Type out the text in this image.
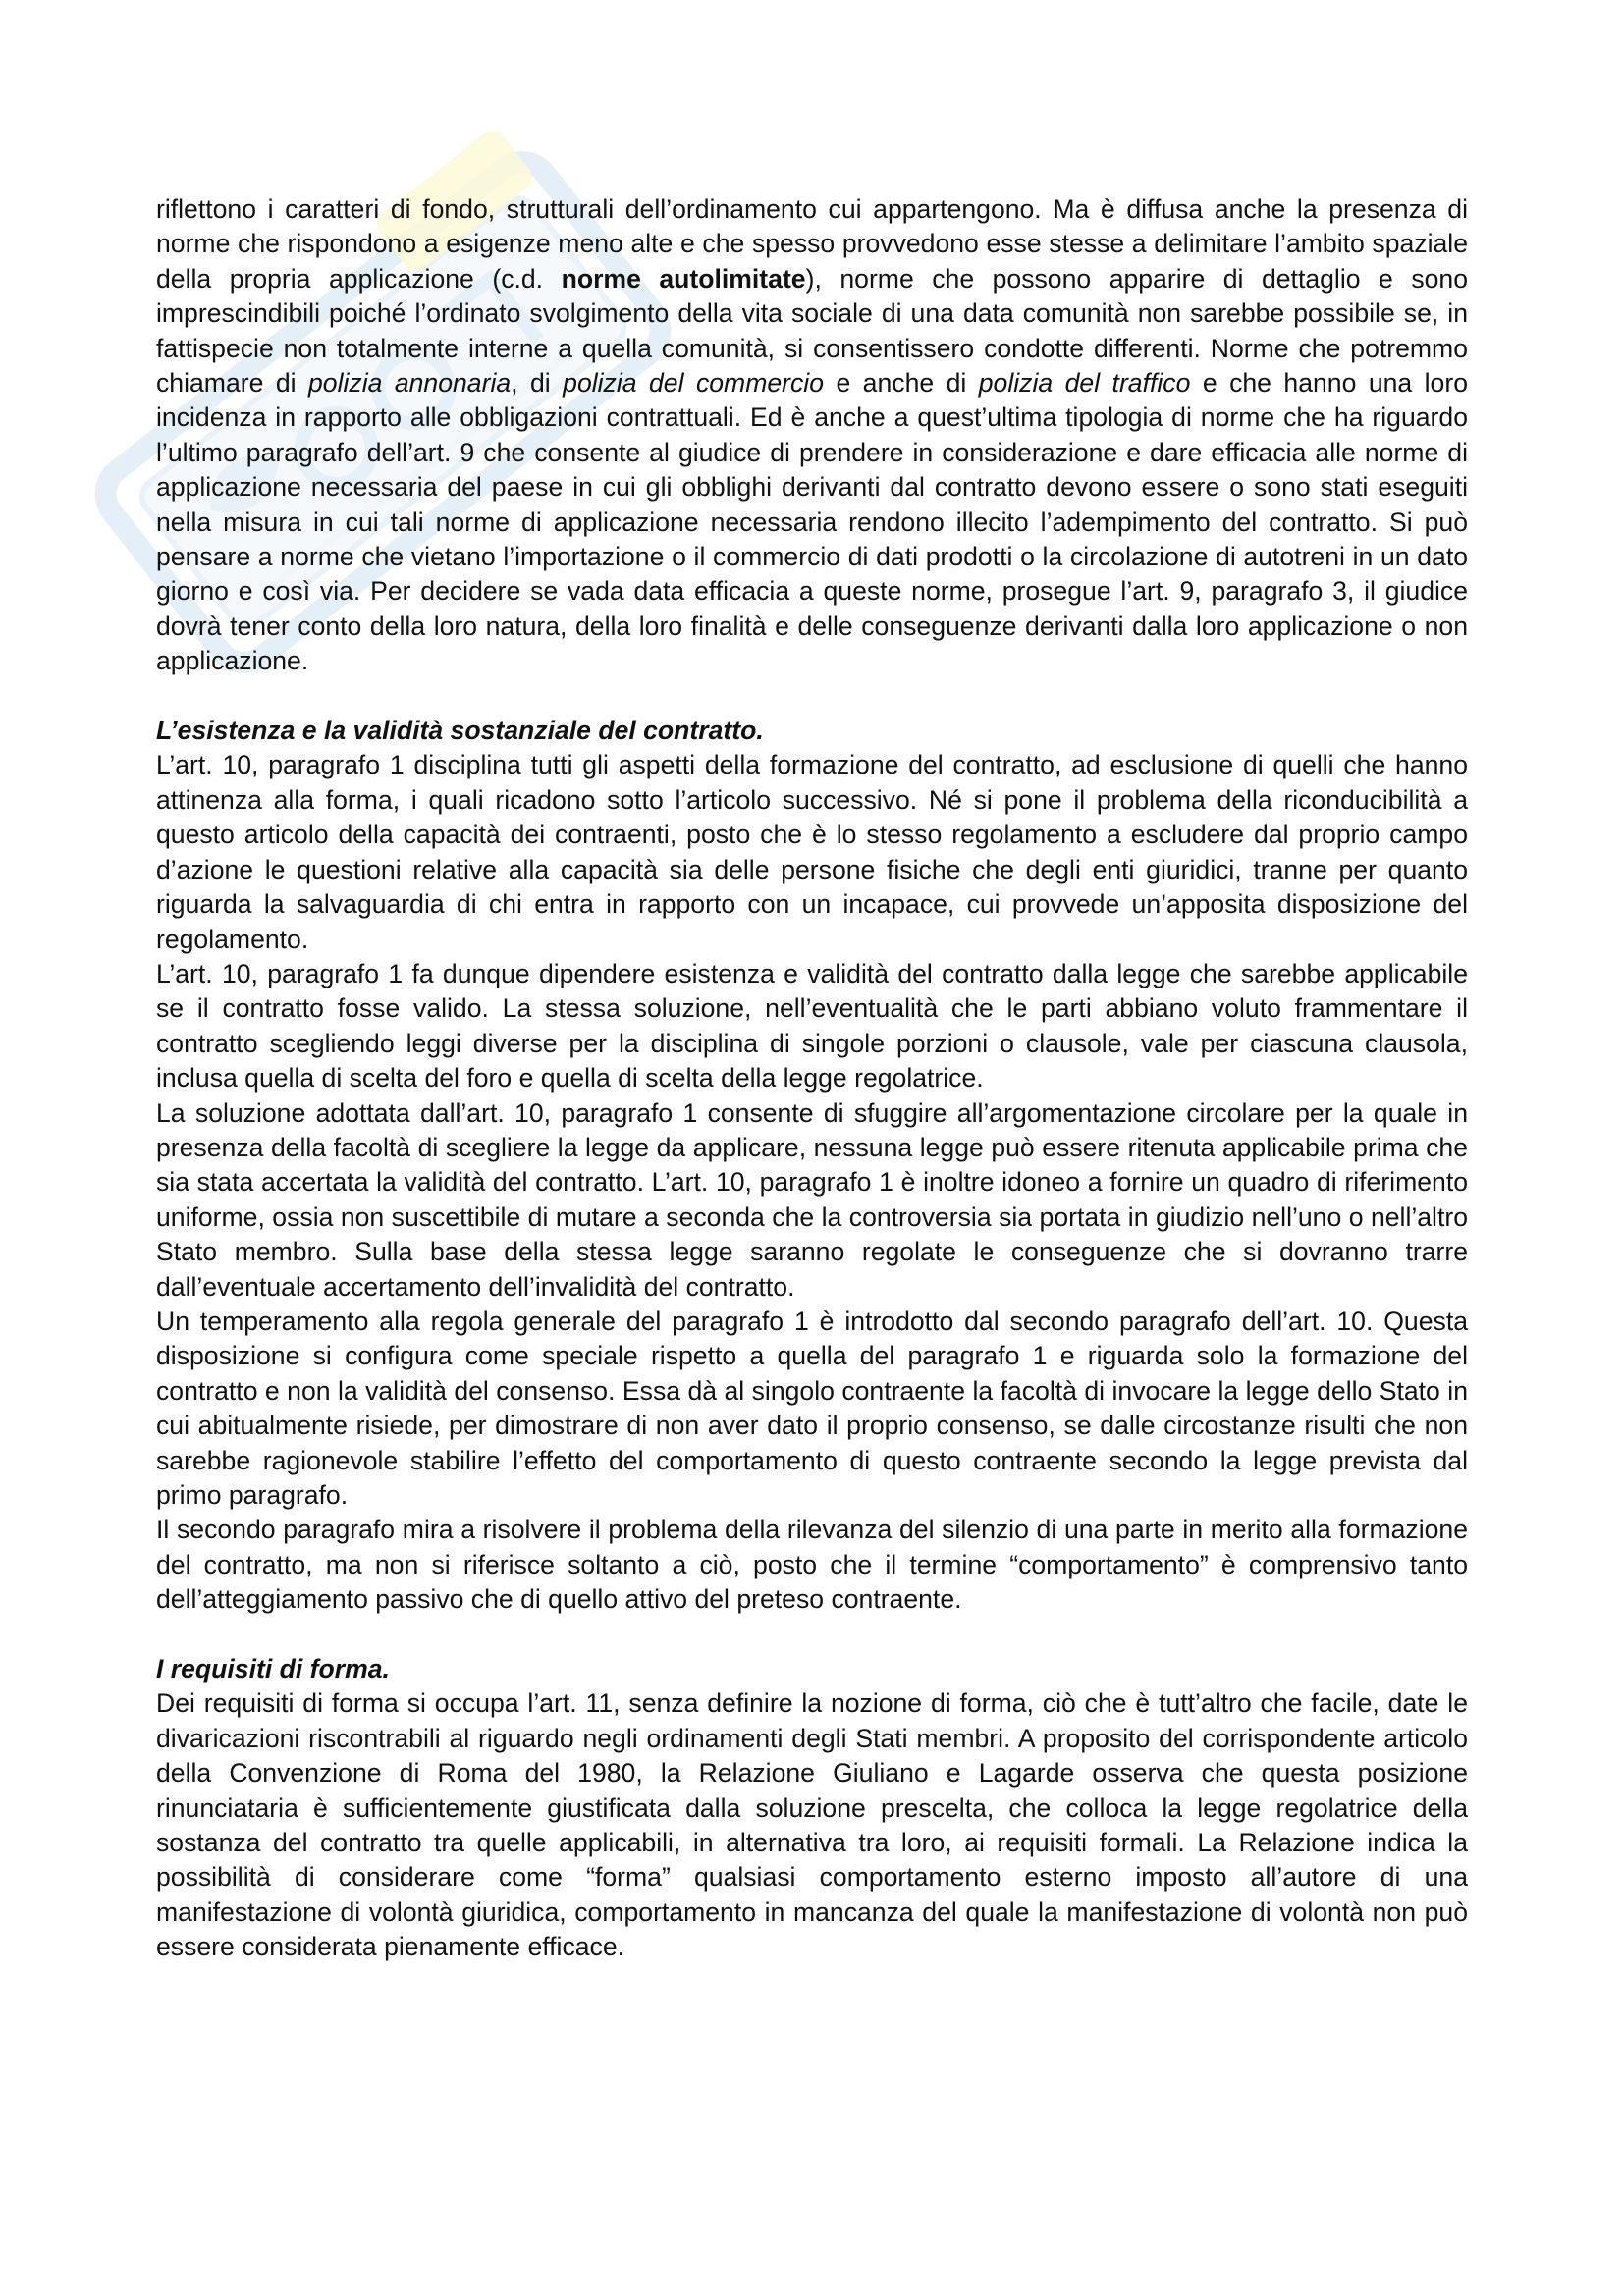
riflettono i caratteri di fondo, strutturali dell’ordinamento cui appartengono. Ma è diffusa anche la presenza di norme che rispondono a esigenze meno alte e che spesso provvedono esse stesse a delimitare l’ambito spaziale della propria applicazione (c.d. norme autolimitate), norme che possono apparire di dettaglio e sono imprescindibili poiché l’ordinato svolgimento della vita sociale di una data comunità non sarebbe possibile se, in fattispecie non totalmente interne a quella comunità, si consentissero condotte differenti. Norme che potremmo chiamare di polizia annonaria, di polizia del commercio e anche di polizia del traffico e che hanno una loro incidenza in rapporto alle obbligazioni contrattuali. Ed è anche a quest’ultima tipologia di norme che ha riguardo l’ultimo paragrafo dell’art. 9 che consente al giudice di prendere in considerazione e dare efficacia alle norme di applicazione necessaria del paese in cui gli obblighi derivanti dal contratto devono essere o sono stati eseguiti nella misura in cui tali norme di applicazione necessaria rendono illecito l’adempimento del contratto. Si può pensare a norme che vietano l’importazione o il commercio di dati prodotti o la circolazione di autotreni in un dato giorno e così via. Per decidere se vada data efficacia a queste norme, prosegue l’art. 9, paragrafo 3, il giudice dovrà tener conto della loro natura, della loro finalità e delle conseguenze derivanti dalla loro applicazione o non applicazione.

L’esistenza e la validità sostanziale del contratto.

L’art. 10, paragrafo 1 disciplina tutti gli aspetti della formazione del contratto, ad esclusione di quelli che hanno attinenza alla forma, i quali ricadono sotto l’articolo successivo. Né si pone il problema della riconducibilità a questo articolo della capacità dei contraenti, posto che è lo stesso regolamento a escludere dal proprio campo d’azione le questioni relative alla capacità sia delle persone fisiche che degli enti giuridici, tranne per quanto riguarda la salvaguardia di chi entra in rapporto con un incapace, cui provvede un’apposita disposizione del regolamento.

L’art. 10, paragrafo 1 fa dunque dipendere esistenza e validità del contratto dalla legge che sarebbe applicabile se il contratto fosse valido. La stessa soluzione, nell’eventualità che le parti abbiano voluto frammentare il contratto scegliendo leggi diverse per la disciplina di singole porzioni o clausole, vale per ciascuna clausola, inclusa quella di scelta del foro e quella di scelta della legge regolatrice.

La soluzione adottata dall’art. 10, paragrafo 1 consente di sfuggire all’argomentazione circolare per la quale in presenza della facoltà di scegliere la legge da applicare, nessuna legge può essere ritenuta applicabile prima che sia stata accertata la validità del contratto. L’art. 10, paragrafo 1 è inoltre idoneo a fornire un quadro di riferimento uniforme, ossia non suscettibile di mutare a seconda che la controversia sia portata in giudizio nell’uno o nell’altro Stato membro. Sulla base della stessa legge saranno regolate le conseguenze che si dovranno trarre dall’eventuale accertamento dell’invalidità del contratto.

Un temperamento alla regola generale del paragrafo 1 è introdotto dal secondo paragrafo dell’art. 10. Questa disposizione si configura come speciale rispetto a quella del paragrafo 1 e riguarda solo la formazione del contratto e non la validità del consenso. Essa dà al singolo contraente la facoltà di invocare la legge dello Stato in cui abitualmente risiede, per dimostrare di non aver dato il proprio consenso, se dalle circostanze risulti che non sarebbe ragionevole stabilire l’effetto del comportamento di questo contraente secondo la legge prevista dal primo paragrafo.

Il secondo paragrafo mira a risolvere il problema della rilevanza del silenzio di una parte in merito alla formazione del contratto, ma non si riferisce soltanto a ciò, posto che il termine “comportamento” è comprensivo tanto dell’atteggiamento passivo che di quello attivo del preteso contraente.

I requisiti di forma.

Dei requisiti di forma si occupa l’art. 11, senza definire la nozione di forma, ciò che è tutt’altro che facile, date le divaricazioni riscontrabili al riguardo negli ordinamenti degli Stati membri. A proposito del corrispondente articolo della Convenzione di Roma del 1980, la Relazione Giuliano e Lagarde osserva che questa posizione rinunciataria è sufficientemente giustificata dalla soluzione prescelta, che colloca la legge regolatrice della sostanza del contratto tra quelle applicabili, in alternativa tra loro, ai requisiti formali. La Relazione indica la possibilità di considerare come “forma” qualsiasi comportamento esterno imposto all’autore di una manifestazione di volontà giuridica, comportamento in mancanza del quale la manifestazione di volontà non può essere considerata pienamente efficace.
